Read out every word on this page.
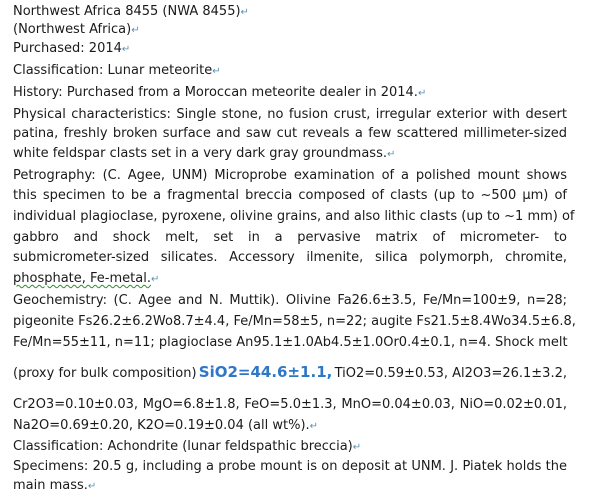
Northwest Africa 8455 (NWA 8455)↵
(Northwest Africa)↵
Purchased: 2014↵
Classification: Lunar meteorite↵
History: Purchased from a Moroccan meteorite dealer in 2014.↵
Physical characteristics: Single stone, no fusion crust, irregular exterior with desert
patina, freshly broken surface and saw cut reveals a few scattered millimeter-sized
white feldspar clasts set in a very dark gray groundmass.↵
Petrography: (C. Agee, UNM) Microprobe examination of a polished mount shows
this specimen to be a fragmental breccia composed of clasts (up to ~500 µm) of
individual plagioclase, pyroxene, olivine grains, and also lithic clasts (up to ~1 mm) of
gabbro and shock melt, set in a pervasive matrix of micrometer- to
submicrometer-sized silicates. Accessory ilmenite, silica polymorph, chromite,
phosphate, Fe-metal.↵
Geochemistry: (C. Agee and N. Muttik). Olivine Fa26.6±3.5, Fe/Mn=100±9, n=28;
pigeonite Fs26.2±6.2Wo8.7±4.4, Fe/Mn=58±5, n=22; augite Fs21.5±8.4Wo34.5±6.8,
Fe/Mn=55±11, n=11; plagioclase An95.1±1.0Ab4.5±1.0Or0.4±0.1, n=4. Shock melt
(proxy for bulk composition) SiO2=44.6±1.1, TiO2=0.59±0.53, Al2O3=26.1±3.2,
Cr2O3=0.10±0.03, MgO=6.8±1.8, FeO=5.0±1.3, MnO=0.04±0.03, NiO=0.02±0.01,
Na2O=0.69±0.20, K2O=0.19±0.04 (all wt%).↵
Classification: Achondrite (lunar feldspathic breccia)↵
Specimens: 20.5 g, including a probe mount is on deposit at UNM. J. Piatek holds the
main mass.↵
